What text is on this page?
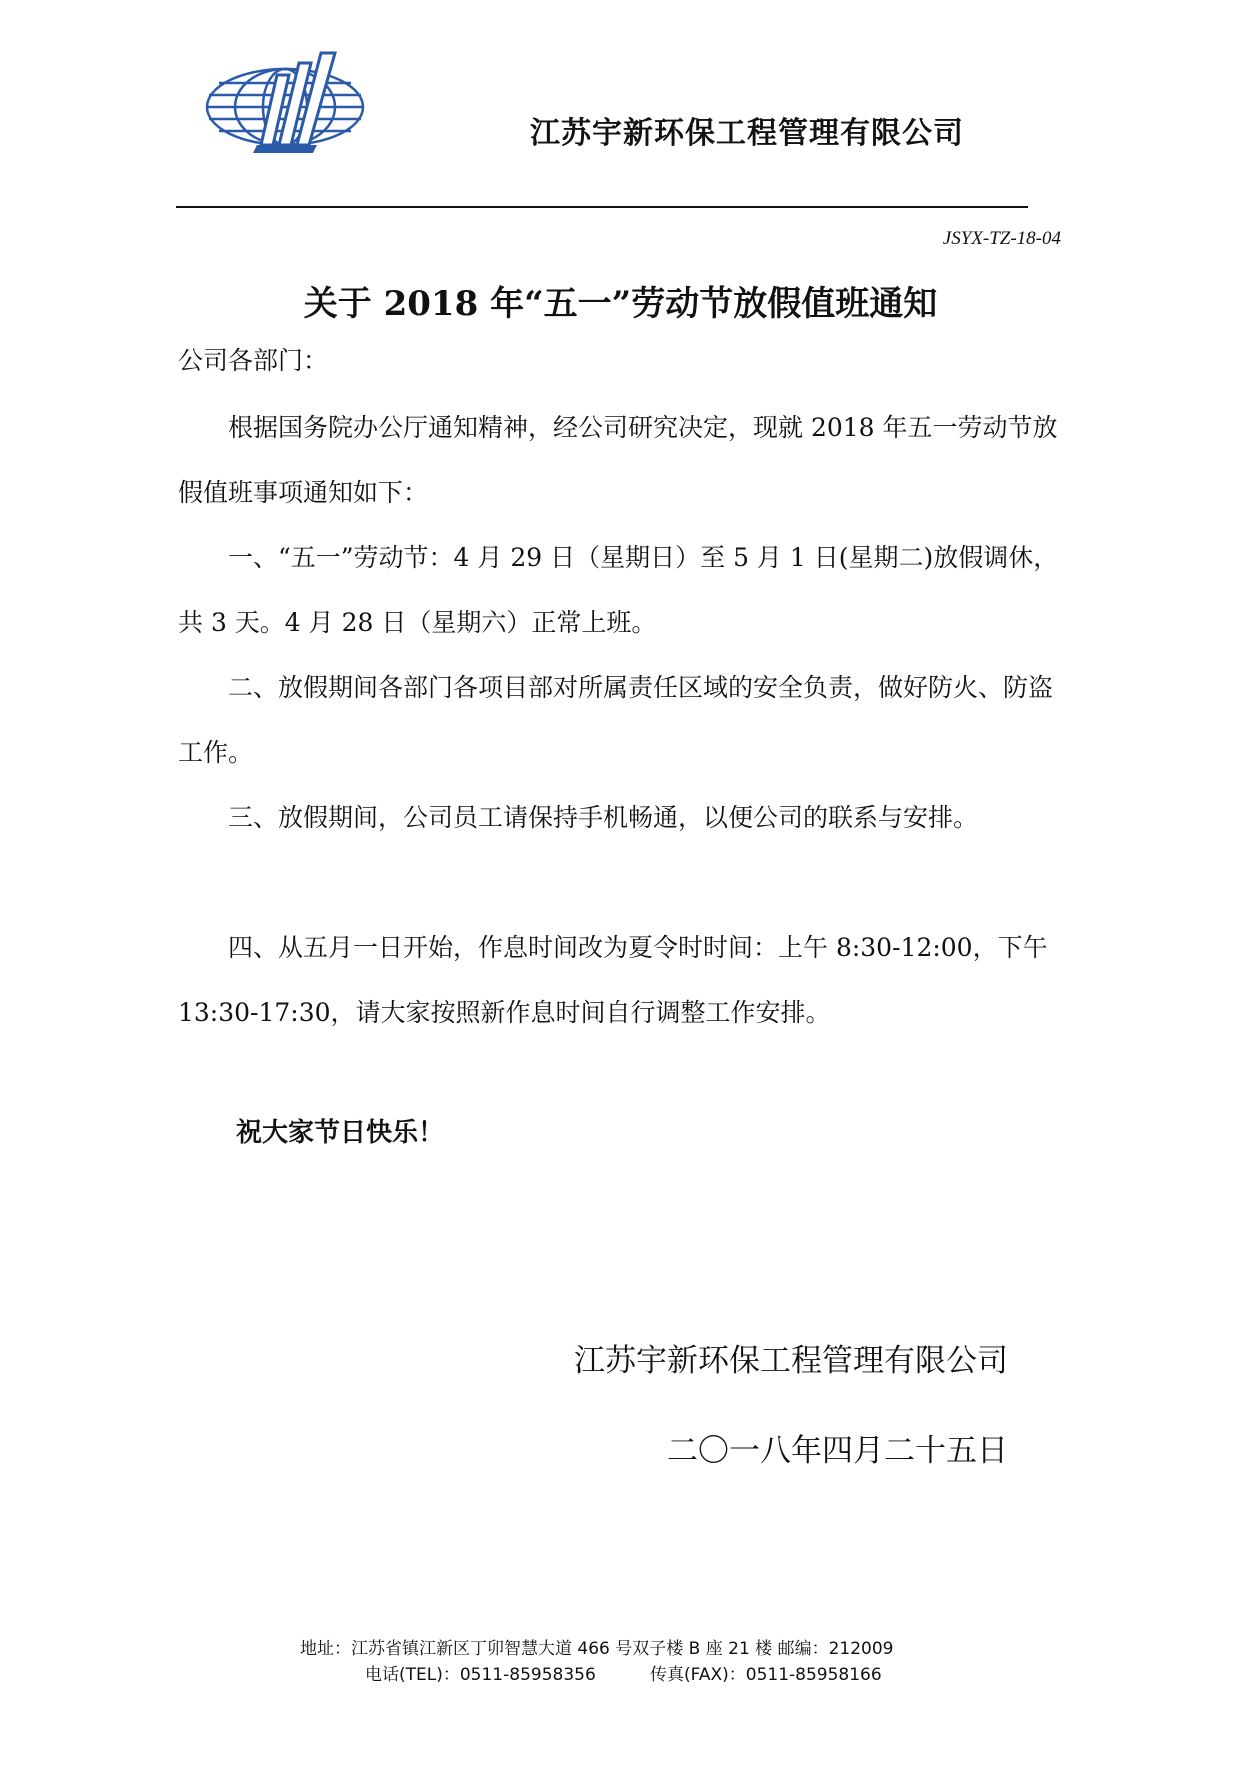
江苏宇新环保工程管理有限公司
JSYX-TZ-18-04
关于 2018 年“五一”劳动节放假值班通知
公司各部门：
根据国务院办公厅通知精神，经公司研究决定，现就 2018 年五一劳动节放假值班事项通知如下：
一、“五一”劳动节：4 月 29 日（星期日）至 5 月 1 日(星期二)放假调休，共 3 天。4 月 28 日（星期六）正常上班。
二、放假期间各部门各项目部对所属责任区域的安全负责，做好防火、防盗工作。
三、放假期间，公司员工请保持手机畅通，以便公司的联系与安排。
四、从五月一日开始，作息时间改为夏令时时间：上午 8:30-12:00，下午 13:30-17:30，请大家按照新作息时间自行调整工作安排。
祝大家节日快乐！
江苏宇新环保工程管理有限公司
二〇一八年四月二十五日
地址：江苏省镇江新区丁卯智慧大道 466 号双子楼 B 座 21 楼 邮编：212009
电话(TEL)：0511-85958356	传真(FAX)：0511-85958166
